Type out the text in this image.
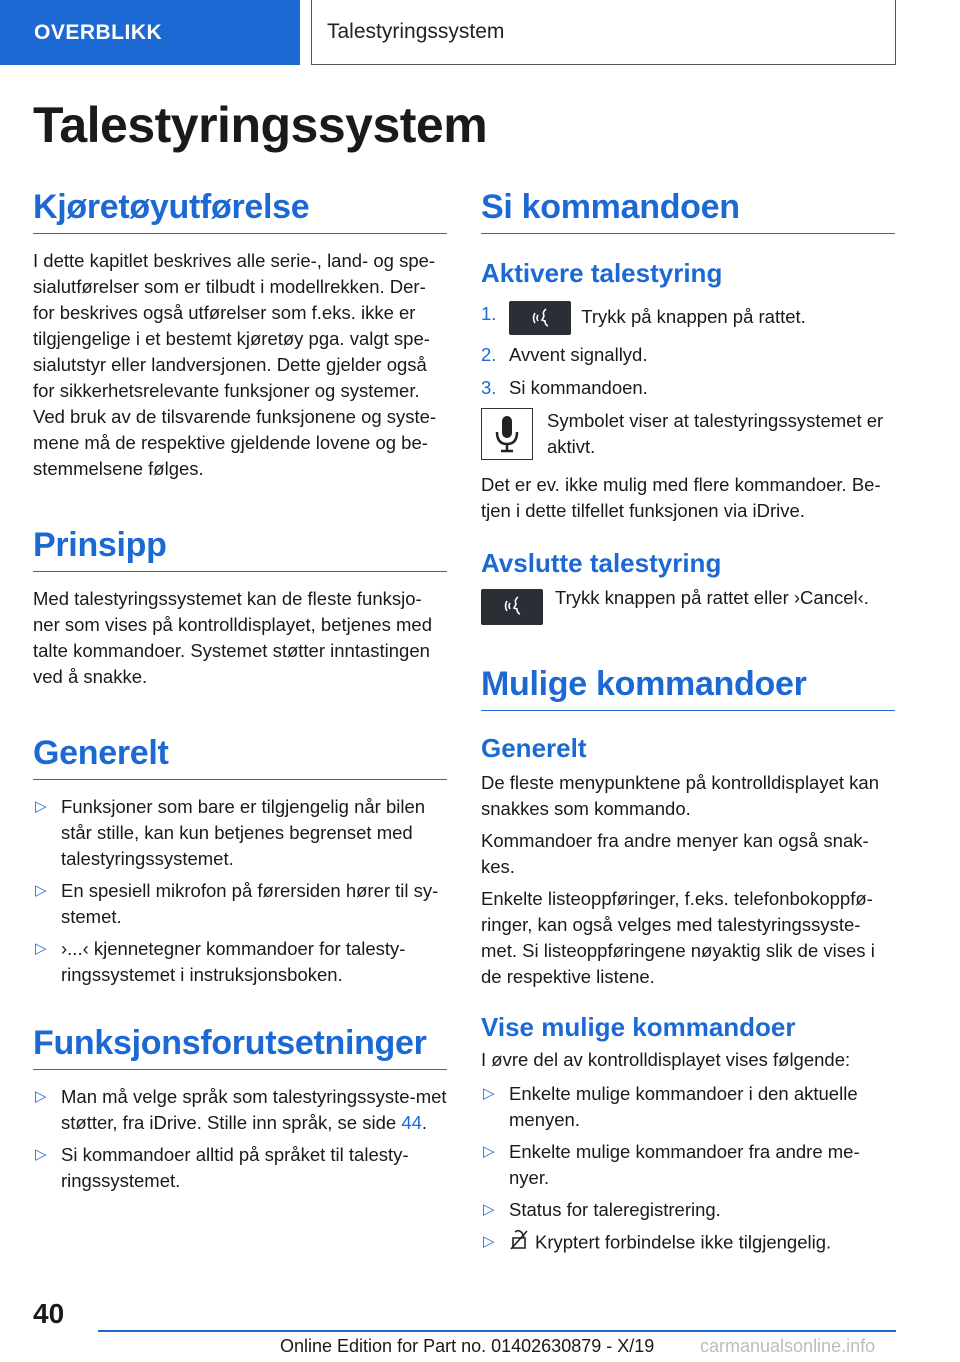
OVERBLIKK	Talestyringssystem
Talestyringssystem
Kjøretøyutførelse

I dette kapitlet beskrives alle serie-, land- og spe-sialutførelser som er tilbudt i modellrekken. Der-for beskrives også utførelser som f.eks. ikke er tilgjengelige i et bestemt kjøretøy pga. valgt spe-sialutstyr eller landversjonen. Dette gjelder også for sikkerhetsrelevante funksjoner og systemer. Ved bruk av de tilsvarende funksjonene og syste-mene må de respektive gjeldende lovene og be-stemmelsene følges.

Prinsipp

Med talestyringssystemet kan de fleste funksjo-ner som vises på kontrolldisplayet, betjenes med talte kommandoer. Systemet støtter inntastingen ved å snakke.

Generelt
▷ Funksjoner som bare er tilgjengelig når bilen står stille, kan kun betjenes begrenset med talestyringssystemet.
▷ En spesiell mikrofon på førersiden hører til sy-stemet.
▷ ›...‹ kjennetegner kommandoer for talesty-ringssystemet i instruksjonsboken.
Funksjonsforutsetninger
▷ Man må velge språk som talestyringssyste-met støtter, fra iDrive. Stille inn språk, se side 44.
▷ Si kommandoer alltid på språket til talesty-ringssystemet.
Si kommandoen
Aktivere talestyring
1.	Trykk på knappen på rattet.
2. Avvent signallyd.
3. Si kommandoen.

Symbolet viser at talestyringssystemet er aktivt.

Det er ev. ikke mulig med flere kommandoer. Be-tjen i dette tilfellet funksjonen via iDrive.

Avslutte talestyring

Trykk knappen på rattet eller ›Cancel‹.

Mulige kommandoer
Generelt

De fleste menypunktene på kontrolldisplayet kan snakkes som kommando.

Kommandoer fra andre menyer kan også snak-kes.

Enkelte listeoppføringer, f.eks. telefonbokoppfø-ringer, kan også velges med talestyringssyste-met. Si listeoppføringene nøyaktig slik de vises i de respektive listene.

Vise mulige kommandoer

I øvre del av kontrolldisplayet vises følgende:

▷ Enkelte mulige kommandoer i den aktuelle menyen.
▷ Enkelte mulige kommandoer fra andre me-nyer.
▷ Status for taleregistrering.
▷ Kryptert forbindelse ikke tilgjengelig.
40
Online Edition for Part no. 01402630879 - X/19	carmanualsonline.info
